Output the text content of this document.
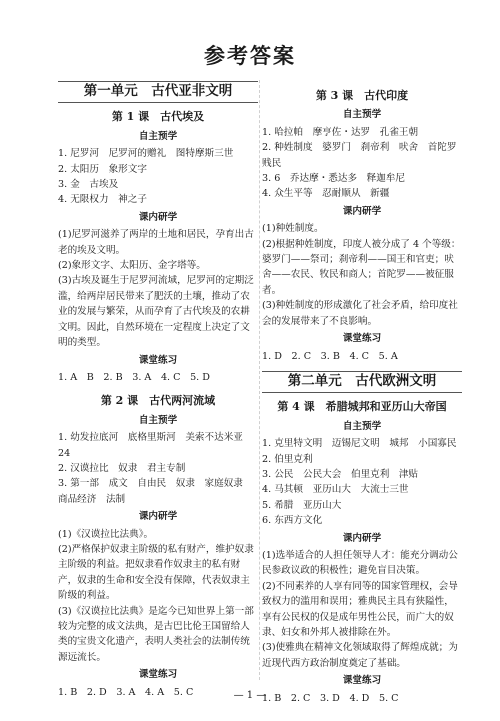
参考答案
第一单元　古代亚非文明
第 1 课　古代埃及
自主预学
1. 尼罗河　尼罗河的赠礼　图特摩斯三世
2. 太阳历　象形文字
3. 金　古埃及
4. 无限权力　神之子
课内研学
(1)尼罗河滋养了两岸的土地和居民，孕育出古老的埃及文明。
(2)象形文字、太阳历、金字塔等。
(3)古埃及诞生于尼罗河流域，尼罗河的定期泛滥，给两岸居民带来了肥沃的土壤，推动了农业的发展与繁荣，从而孕育了古代埃及的农耕文明。因此，自然环境在一定程度上决定了文明的类型。
课堂练习
1. A　B　2. B　3. A　4. C　5. D
第 2 课　古代两河流域
自主预学
1. 幼发拉底河　底格里斯河　美索不达米亚　24
2. 汉谟拉比　奴隶　君主专制
3. 第一部　成文　自由民　奴隶　家庭奴隶　商品经济　法制
课内研学
(1)《汉谟拉比法典》。
(2)严格保护奴隶主阶级的私有财产，维护奴隶主阶级的利益。把奴隶看作奴隶主的私有财产，奴隶的生命和安全没有保障，代表奴隶主阶级的利益。
(3)《汉谟拉比法典》是迄今已知世界上第一部较为完整的成文法典，是古巴比伦王国留给人类的宝贵文化遗产，表明人类社会的法制传统源远流长。
课堂练习
1. B　2. D　3. A　4. A　5. C
第 3 课　古代印度
自主预学
1. 哈拉帕　摩亨佐・达罗　孔雀王朝
2. 种姓制度　婆罗门　刹帝利　吠舍　首陀罗　贱民
3. 6　乔达摩・悉达多　释迦牟尼
4. 众生平等　忍耐顺从　新疆
课内研学
(1)种姓制度。
(2)根据种姓制度，印度人被分成了 4 个等级：婆罗门——祭司；刹帝利——国王和官吏；吠舍——农民、牧民和商人；首陀罗——被征服者。
(3)种姓制度的形成激化了社会矛盾，给印度社会的发展带来了不良影响。
课堂练习
1. D　2. C　3. B　4. C　5. A
第二单元　古代欧洲文明
第 4 课　希腊城邦和亚历山大帝国
自主预学
1. 克里特文明　迈锡尼文明　城邦　小国寡民
2. 伯里克利
3. 公民　公民大会　伯里克利　津贴
4. 马其顿　亚历山大　大流士三世
5. 希腊　亚历山大
6. 东西方文化
课内研学
(1)选举适合的人担任领导人才：能充分调动公民参政议政的积极性；避免盲目决策。
(2)不同素养的人享有同等的国家管理权，会导致权力的滥用和误用；雅典民主具有狭隘性，享有公民权的仅是成年男性公民，而广大的奴隶、妇女和外邦人被排除在外。
(3)使雅典在精神文化领域取得了辉煌成就；为近现代西方政治制度奠定了基础。
课堂练习
1. B　2. C　3. D　4. D　5. C
— 1 —
